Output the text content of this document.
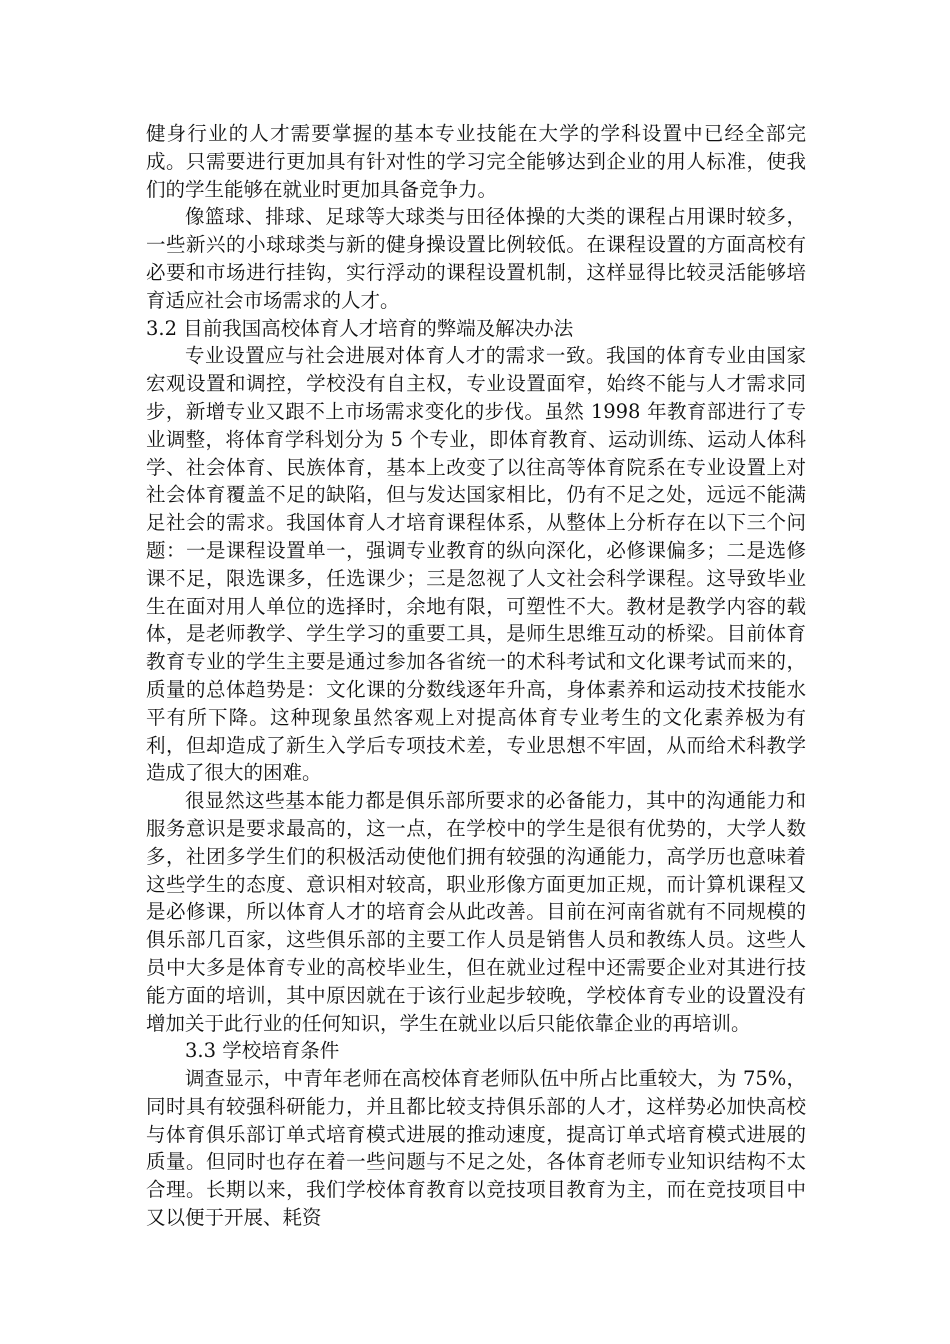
健身行业的人才需要掌握的基本专业技能在大学的学科设置中已经全部完成。只需要进行更加具有针对性的学习完全能够达到企业的用人标准，使我们的学生能够在就业时更加具备竞争力。

像篮球、排球、足球等大球类与田径体操的大类的课程占用课时较多，一些新兴的小球球类与新的健身操设置比例较低。在课程设置的方面高校有必要和市场进行挂钩，实行浮动的课程设置机制，这样显得比较灵活能够培育适应社会市场需求的人才。

3.2 目前我国高校体育人才培育的弊端及解决办法

专业设置应与社会进展对体育人才的需求一致。我国的体育专业由国家宏观设置和调控，学校没有自主权，专业设置面窄，始终不能与人才需求同步，新增专业又跟不上市场需求变化的步伐。虽然 1998 年教育部进行了专业调整，将体育学科划分为 5 个专业，即体育教育、运动训练、运动人体科学、社会体育、民族体育，基本上改变了以往高等体育院系在专业设置上对社会体育覆盖不足的缺陷，但与发达国家相比，仍有不足之处，远远不能满足社会的需求。我国体育人才培育课程体系，从整体上分析存在以下三个问题：一是课程设置单一，强调专业教育的纵向深化，必修课偏多；二是选修课不足，限选课多，任选课少；三是忽视了人文社会科学课程。这导致毕业生在面对用人单位的选择时，余地有限，可塑性不大。教材是教学内容的载体，是老师教学、学生学习的重要工具，是师生思维互动的桥梁。目前体育教育专业的学生主要是通过参加各省统一的术科考试和文化课考试而来的，质量的总体趋势是：文化课的分数线逐年升高，身体素养和运动技术技能水平有所下降。这种现象虽然客观上对提高体育专业考生的文化素养极为有利，但却造成了新生入学后专项技术差，专业思想不牢固，从而给术科教学造成了很大的困难。

很显然这些基本能力都是俱乐部所要求的必备能力，其中的沟通能力和服务意识是要求最高的，这一点，在学校中的学生是很有优势的，大学人数多，社团多学生们的积极活动使他们拥有较强的沟通能力，高学历也意味着这些学生的态度、意识相对较高，职业形像方面更加正规，而计算机课程又是必修课，所以体育人才的培育会从此改善。目前在河南省就有不同规模的俱乐部几百家，这些俱乐部的主要工作人员是销售人员和教练人员。这些人员中大多是体育专业的高校毕业生，但在就业过程中还需要企业对其进行技能方面的培训，其中原因就在于该行业起步较晚，学校体育专业的设置没有增加关于此行业的任何知识，学生在就业以后只能依靠企业的再培训。

3.3 学校培育条件

调查显示，中青年老师在高校体育老师队伍中所占比重较大，为 75%，同时具有较强科研能力，并且都比较支持俱乐部的人才，这样势必加快高校与体育俱乐部订单式培育模式进展的推动速度，提高订单式培育模式进展的质量。但同时也存在着一些问题与不足之处，各体育老师专业知识结构不太合理。长期以来，我们学校体育教育以竞技项目教育为主，而在竞技项目中又以便于开展、耗资
